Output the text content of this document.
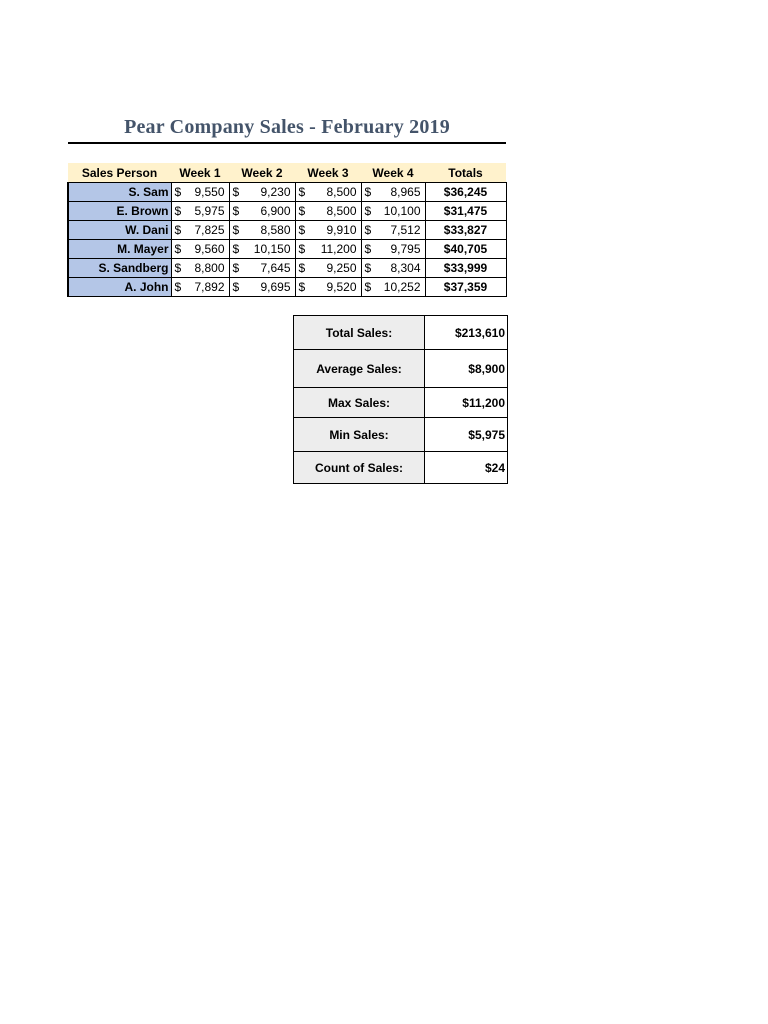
Pear Company Sales - February 2019
Sales Person	Week 1	Week 2	Week 3	Week 4	Totals
S. Sam	$ 9,550	$ 9,230	$ 8,500	$ 8,965	$36,245
E. Brown	$ 5,975	$ 6,900	$ 8,500	$ 10,100	$31,475
W. Dani	$ 7,825	$ 8,580	$ 9,910	$ 7,512	$33,827
M. Mayer	$ 9,560	$ 10,150	$ 11,200	$ 9,795	$40,705
S. Sandberg	$ 8,800	$ 7,645	$ 9,250	$ 8,304	$33,999
A. John	$ 7,892	$ 9,695	$ 9,520	$ 10,252	$37,359
Total Sales:	$213,610
Average Sales:	$8,900
Max Sales:	$11,200
Min Sales:	$5,975
Count of Sales:	$24
